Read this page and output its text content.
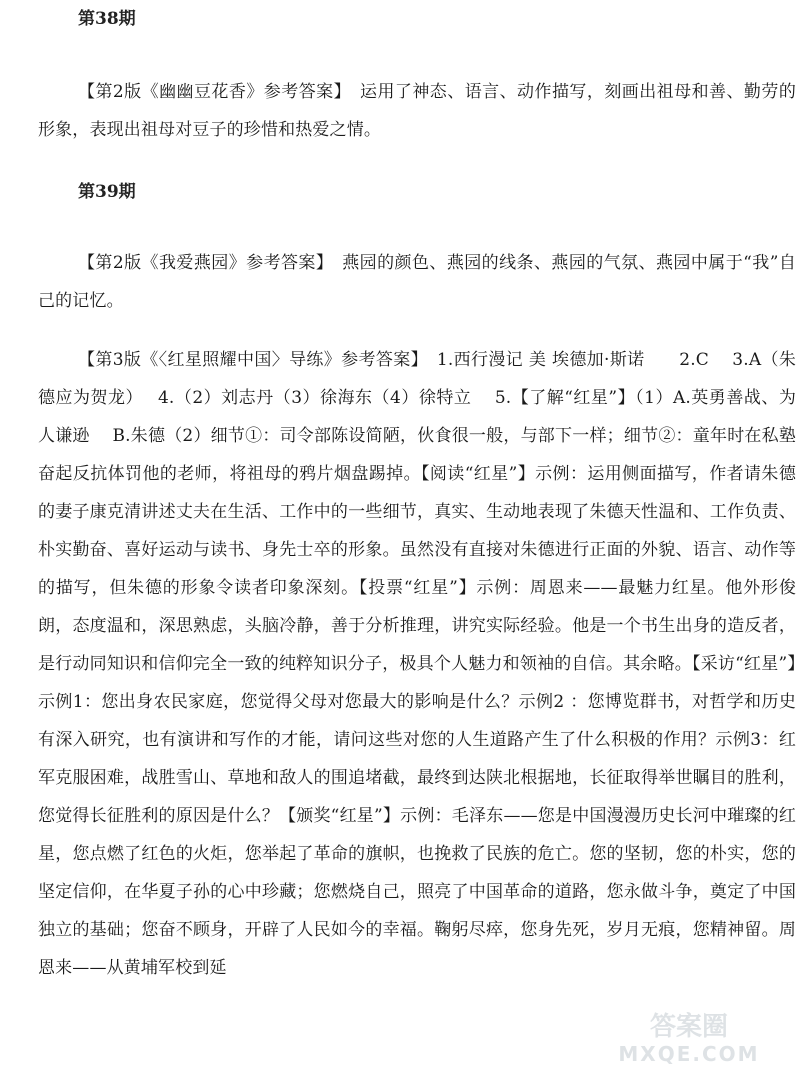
第38期

【第2版《幽幽豆花香》参考答案】　运用了神态、语言、动作描写，刻画出祖母和善、勤劳的形象，表现出祖母对豆子的珍惜和热爱之情。

第39期

【第2版《我爱燕园》参考答案】　燕园的颜色、燕园的线条、燕园的气氛、燕园中属于“我”自己的记忆。

【第3版《〈红星照耀中国〉导练》参考答案】　1.西行漫记 美 埃德加·斯诺　　2.C　 3.A（朱德应为贺龙）　 4.（2）刘志丹（3）徐海东（4）徐特立　 5.【了解“红星”】（1）A.英勇善战、为人谦逊　 B.朱德（2）细节①：司令部陈设简陋，伙食很一般，与部下一样；细节②：童年时在私塾奋起反抗体罚他的老师，将祖母的鸦片烟盘踢掉。【阅读“红星”】示例：运用侧面描写，作者请朱德的妻子康克清讲述丈夫在生活、工作中的一些细节，真实、生动地表现了朱德天性温和、工作负责、朴实勤奋、喜好运动与读书、身先士卒的形象。虽然没有直接对朱德进行正面的外貌、语言、动作等的描写，但朱德的形象令读者印象深刻。【投票“红星”】示例：周恩来——最魅力红星。他外形俊朗，态度温和，深思熟虑，头脑冷静，善于分析推理，讲究实际经验。他是一个书生出身的造反者，是行动同知识和信仰完全一致的纯粹知识分子，极具个人魅力和领袖的自信。其余略。【采访“红星”】示例1：您出身农民家庭，您觉得父母对您最大的影响是什么？示例2 ：您博览群书，对哲学和历史有深入研究，也有演讲和写作的才能，请问这些对您的人生道路产生了什么积极的作用？示例3：红军克服困难，战胜雪山、草地和敌人的围追堵截，最终到达陕北根据地，长征取得举世瞩目的胜利，您觉得长征胜利的原因是什么？【颁奖“红星”】示例：毛泽东——您是中国漫漫历史长河中璀璨的红星，您点燃了红色的火炬，您举起了革命的旗帜，也挽救了民族的危亡。您的坚韧，您的朴实，您的坚定信仰，在华夏子孙的心中珍藏；您燃烧自己，照亮了中国革命的道路，您永做斗争，奠定了中国独立的基础；您奋不顾身，开辟了人民如今的幸福。鞠躬尽瘁，您身先死，岁月无痕，您精神留。周恩来——从黄埔军校到延

答案圈
MXQE.COM
